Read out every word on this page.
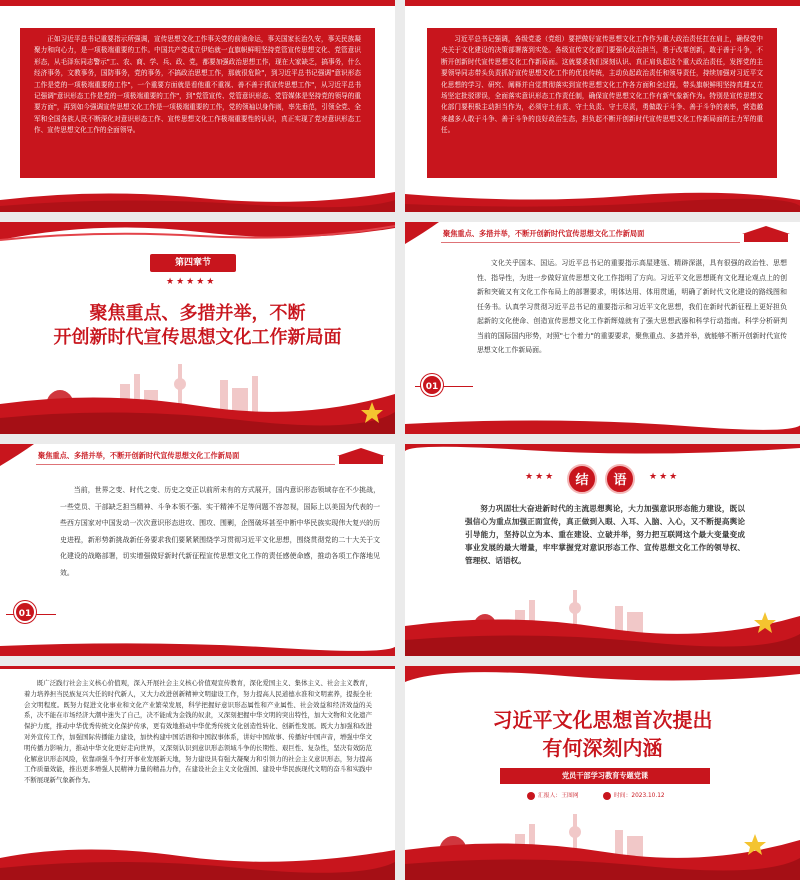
正如习近平总书记重要指示所强调，宣传思想文化工作事关党的前途命运，事关国家长治久安，事关民族凝聚力和向心力，是一项极端重要的工作。中国共产党成立伊始就一直旗帜鲜明坚持党管宣传思想文化、党管意识形态，从毛泽东同志警示"工、农、商、学、兵、政、党，都要加强政治思想工作，现在大家缺乏，搞事务，什么经济事务，文教事务，国防事务，党的事务，不搞政治思想工作，那就很危险"，到习近平总书记强调"意识形态工作是党的一项极端重要的工作"，一个重要方面就是看他重不重视、善不善于抓宣传思想工作"，从习近平总书记强调"意识形态工作是党的一项极端重要的工作"，到"党管宣传、党管意识形态、党管媒体是坚持党的领导的重要方面"，再到如今强调宣传思想文化工作是一项极端重要的工作，党的领袖以身作则，率先垂范，引领全党、全军和全国各族人民不断深化对意识形态工作、宣传思想文化工作极端重要性的认识，真正实现了党对意识形态工作、宣传思想文化工作的全面领导。

习近平总书记强调，各级党委（党组）要把做好宣传思想文化工作作为重大政治责任扛在肩上，确保党中央关于文化建设的决策部署落到实处。各级宣传文化部门要强化政治担当，勇于改革创新，敢于善于斗争，不断开创新时代宣传思想文化工作新局面。这就要求我们深刻认识、真正肩负起这个重大政治责任，发挥党的主要领导同志带头负责抓好宣传思想文化工作的优良传统，主动负起政治责任和领导责任，持续加强对习近平文化思想的学习、研究、阐释并自觉贯彻落实到宣传思想文化工作各方面和全过程，带头旗帜鲜明坚持真理又立场坚定批驳谬误，全面落实意识形态工作责任制，确保宣传思想文化工作有新气象新作为。特别是宣传思想文化部门要积极主动担当作为，必须守土有责、守土负责、守土尽责，勇做敢于斗争、善于斗争的表率，营造越来越多人敢于斗争、善于斗争的良好政治生态，担负起不断开创新时代宣传思想文化工作新局面的主力军的重任。

第四章节
★★★★★
聚焦重点、多措并举，不断
开创新时代宣传思想文化工作新局面
聚焦重点、多措并举，不断开创新时代宣传思想文化工作新局面

文化关乎国本、国运。习近平总书记的重要指示高屋建瓴、精辟深湛，具有很强的政治性、思想性、指导性，为进一步做好宣传思想文化工作指明了方向。习近平文化思想既有文化理论观点上的创新和突破又有文化工作布局上的部署要求，明体达用、体用贯通，明确了新时代文化建设的路线图和任务书。认真学习贯彻习近平总书记的重要指示和习近平文化思想，我们在新时代新征程上更好担负起新的文化使命、创造宣传思想文化工作新辉煌就有了强大思想武器和科学行动指南。科学分析研判当前的国际国内形势，对照"七个着力"的重要要求，聚焦重点、多措并举，就能够不断开创新时代宣传思想文化工作新局面。

01
聚焦重点、多措并举，不断开创新时代宣传思想文化工作新局面

当前，世界之变、时代之变、历史之变正以前所未有的方式展开，国内意识形态领域存在不少挑战，一些党员、干部缺乏担当精神、斗争本领不强、实干精神不足等问题不容忽视，国际上以美国为代表的一些西方国家对中国发动一次次意识形态进攻、围攻、围剿，企图破坏甚至中断中华民族实现伟大复兴的历史进程，新形势新挑战新任务要求我们要紧紧围绕学习贯彻习近平文化思想，围绕贯彻党的二十大关于文化建设的战略部署，切实增强做好新时代新征程宣传思想文化工作的责任感使命感，推动各项工作落地见效。

01
★★★	结	语	★★★

努力巩固壮大奋进新时代的主流思想舆论，大力加强意识形态能力建设，既以强信心为重点加强正面宣传，真正做到入眼、入耳、入脑、入心，又不断提高舆论引导能力，坚持以立为本、重在建设、立破并举，努力把互联网这个最大变量变成事业发展的最大增量，牢牢掌握党对意识形态工作、宣传思想文化工作的领导权、管理权、话语权。

既广泛践行社会主义核心价值观，深入开展社会主义核心价值观宣传教育，深化爱国主义、集体主义、社会主义教育，着力培养担当民族复兴大任的时代新人，又大力改进创新精神文明建设工作，努力提高人民道德水准和文明素养，提振全社会文明程度。既努力促进文化事业和文化产业繁荣发展，科学把握好意识形态属性和产业属性、社会效益和经济效益的关系，决不能在市场经济大潮中迷失了自己，决不能成为金钱的奴隶，又深刻把握中华文明的突出特性，加大文物和文化遗产保护力度，推动中华优秀传统文化保护传承，更有效地推动中华优秀传统文化创造性转化、创新性发展。既大力加强和改进对外宣传工作，加强国际传播能力建设，加快构建中国话语和中国叙事体系，讲好中国故事、传播好中国声音，增强中华文明传播力影响力，推动中华文化更好走向世界，又深刻认识到意识形态领域斗争的长期性、艰巨性、复杂性，坚决有效防范化解意识形态风险，依靠顽强斗争打开事业发展新天地，努力建设具有强大凝聚力和引领力的社会主义意识形态，努力提高工作质量效能，推出更多增强人民精神力量的精品力作，在建设社会主义文化强国、建设中华民族现代文明的奋斗和实践中不断展现新气象新作为。

习近平文化思想首次提出
有何深刻内涵
党员干部学习教育专题党课
汇报人：王图网	时间：2023.10.12
